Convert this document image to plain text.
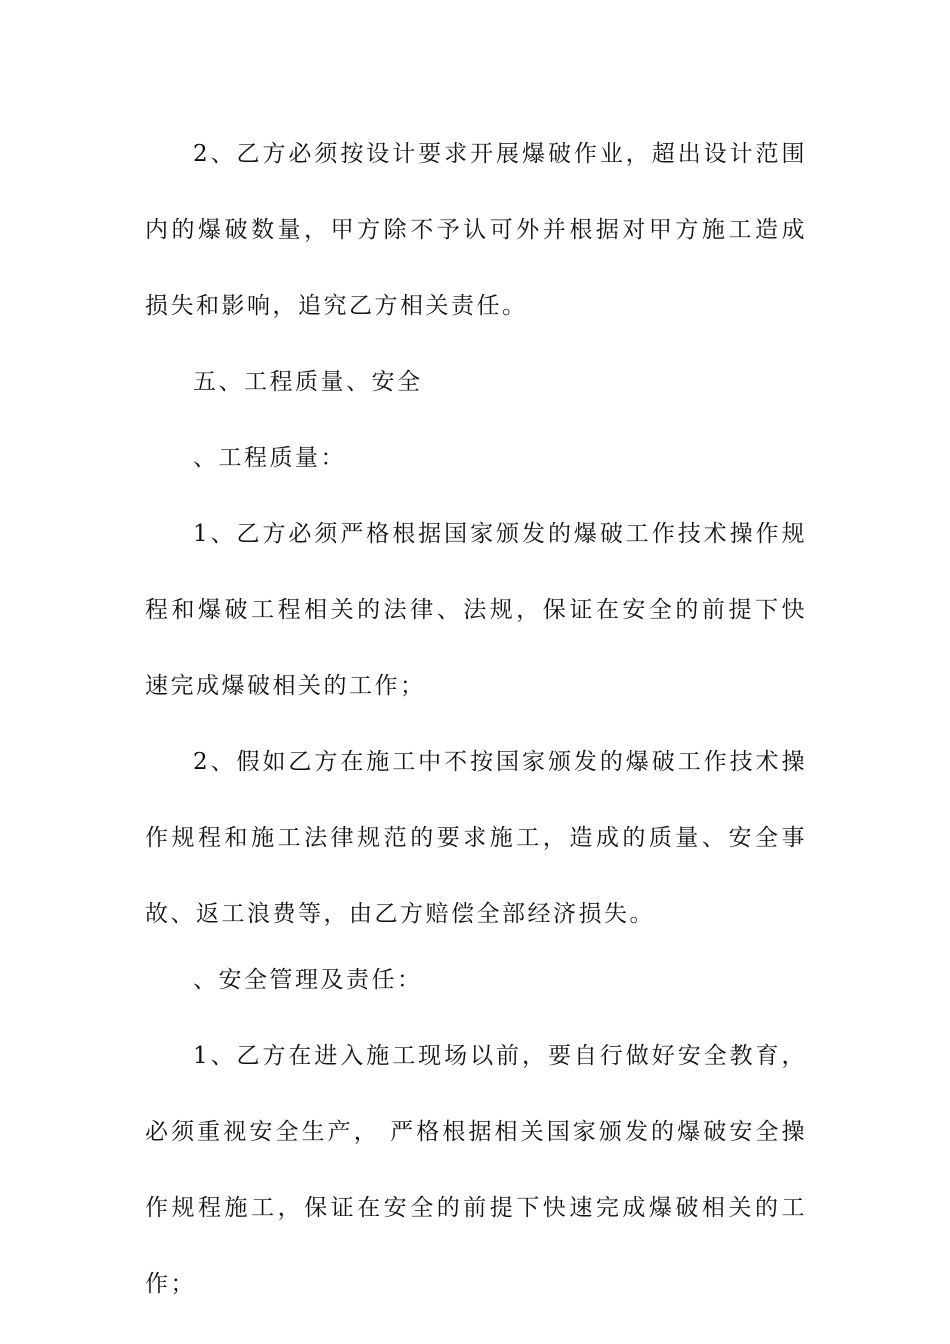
2、乙方必须按设计要求开展爆破作业，超出设计范围内的爆破数量，甲方除不予认可外并根据对甲方施工造成损失和影响，追究乙方相关责任。

五、工程质量、安全

、工程质量：

1、乙方必须严格根据国家颁发的爆破工作技术操作规程和爆破工程相关的法律、法规，保证在安全的前提下快速完成爆破相关的工作；

2、假如乙方在施工中不按国家颁发的爆破工作技术操作规程和施工法律规范的要求施工，造成的质量、安全事故、返工浪费等，由乙方赔偿全部经济损失。

、安全管理及责任：

1、乙方在进入施工现场以前，要自行做好安全教育，必须重视安全生产， 严格根据相关国家颁发的爆破安全操作规程施工，保证在安全的前提下快速完成爆破相关的工作；
